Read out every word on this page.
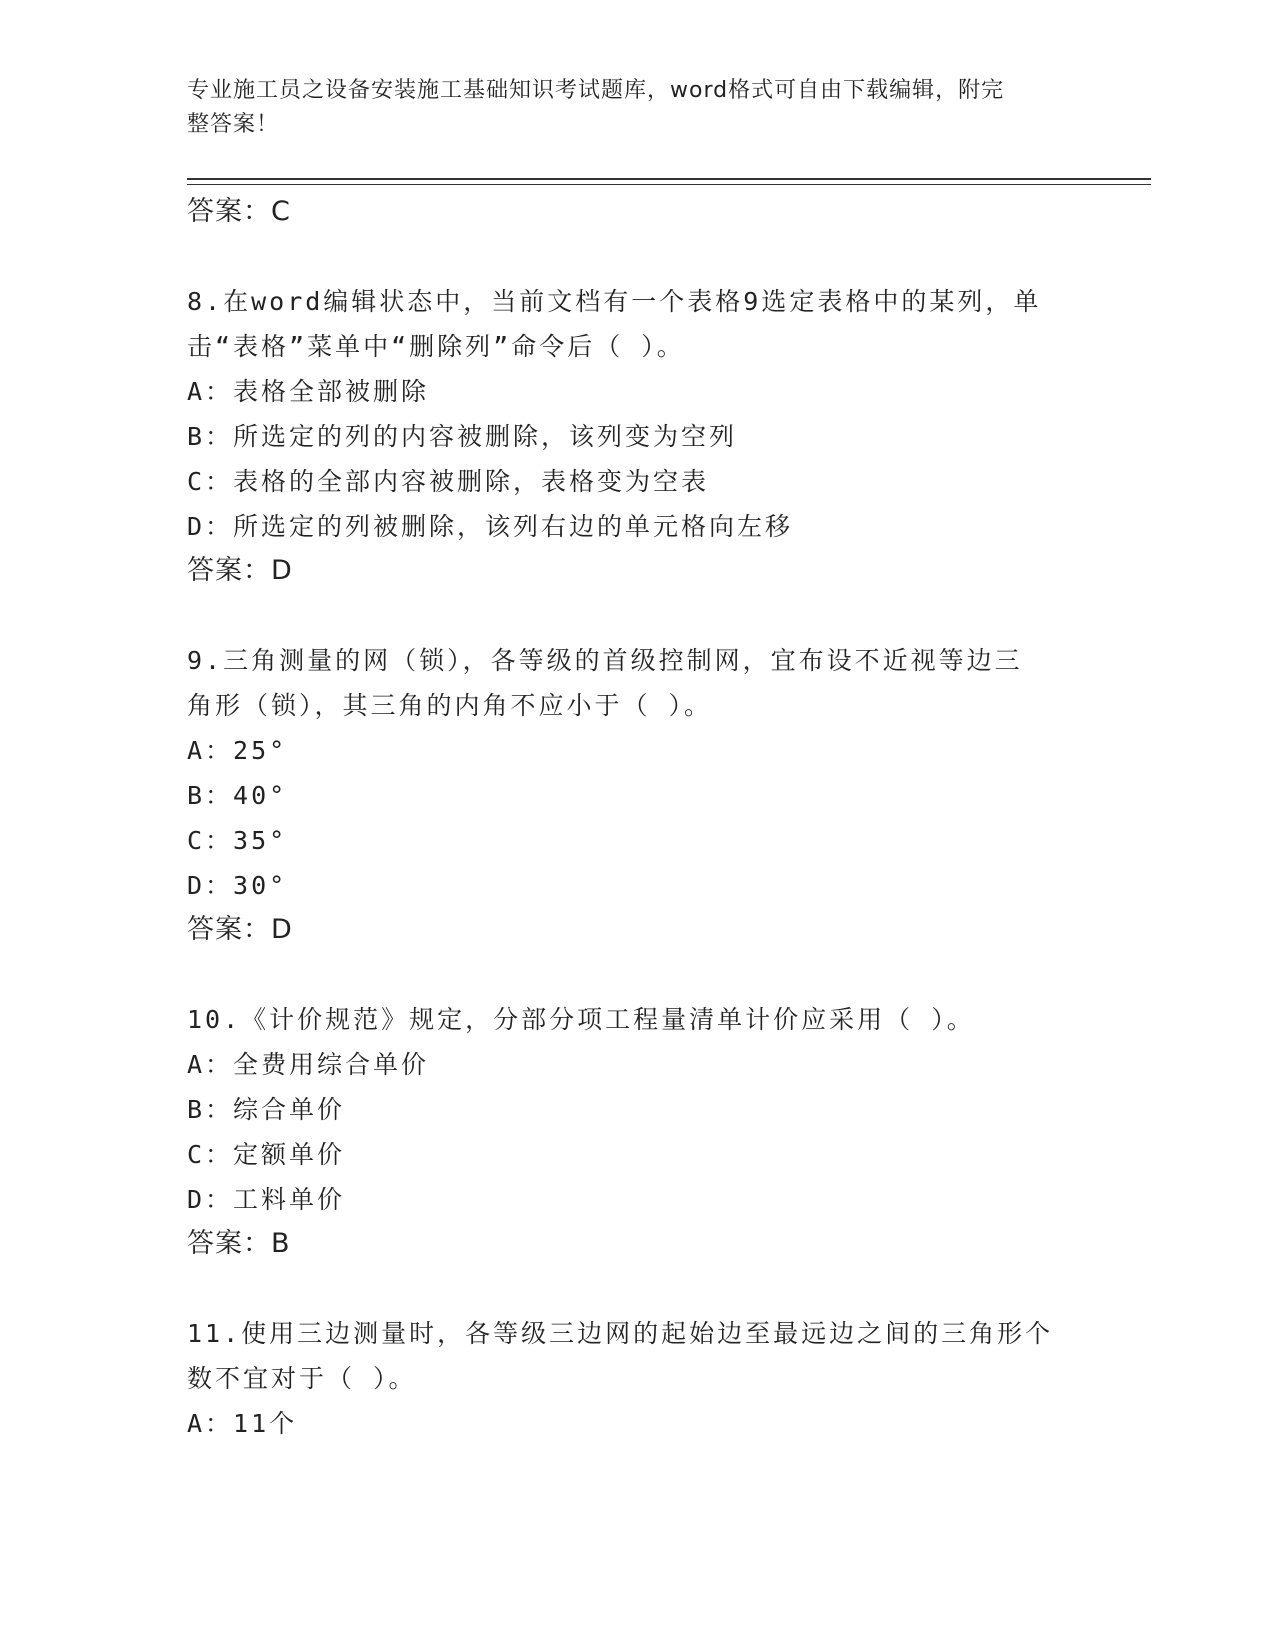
专业施工员之设备安装施工基础知识考试题库，word格式可自由下载编辑，附完
整答案！
答案：C
8.在word编辑状态中，当前文档有一个表格9选定表格中的某列，单
击“表格”菜单中“删除列”命令后（ ）。
A：表格全部被删除
B：所选定的列的内容被删除，该列变为空列
C：表格的全部内容被删除，表格变为空表
D：所选定的列被删除，该列右边的单元格向左移
答案：D
9.三角测量的网（锁），各等级的首级控制网，宜布设不近视等边三
角形（锁），其三角的内角不应小于（ ）。
A：25°
B：40°
C：35°
D：30°
答案：D
10.《计价规范》规定，分部分项工程量清单计价应采用（ ）。
A：全费用综合单价
B：综合单价
C：定额单价
D：工料单价
答案：B
11.使用三边测量时，各等级三边网的起始边至最远边之间的三角形个
数不宜对于（ ）。
A：11个
